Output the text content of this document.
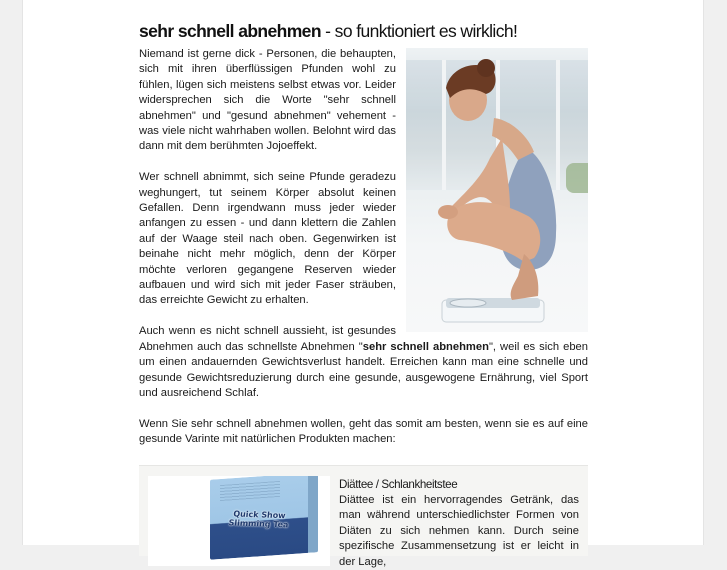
sehr schnell abnehmen - so funktioniert es wirklich!

Niemand ist gerne dick - Personen, die behaupten, sich mit ihren überflüssigen Pfunden wohl zu fühlen, lügen sich meistens selbst etwas vor. Leider widersprechen sich die Worte "sehr schnell abnehmen" und "gesund abnehmen" vehement - was viele nicht wahrhaben wollen. Belohnt wird das dann mit dem berühmten Jojoeffekt.

Wer schnell abnimmt, sich seine Pfunde geradezu weghungert, tut seinem Körper absolut keinen Gefallen. Denn irgendwann muss jeder wieder anfangen zu essen - und dann klettern die Zahlen auf der Waage steil nach oben. Gegenwirken ist beinahe nicht mehr möglich, denn der Körper möchte verloren gegangene Reserven wieder aufbauen und wird sich mit jeder Faser sträuben, das erreichte Gewicht zu erhalten.

Auch wenn es nicht schnell aussieht, ist gesundes Abnehmen auch das schnellste Abnehmen "sehr schnell abnehmen", weil es sich eben um einen andauernden Gewichtsverlust handelt. Erreichen kann man eine schnelle und gesunde Gewichtsreduzierung durch eine gesunde, ausgewogene Ernährung, viel Sport und ausreichend Schlaf.

Wenn Sie sehr schnell abnehmen wollen, geht das somit am besten, wenn sie es auf eine gesunde Varinte mit natürlichen Produkten machen:

Quick Show
Slimming Tea
Diättee / Schlankheitstee
Diättee ist ein hervorragendes Getränk, das man während unterschiedlichster Formen von Diäten zu sich nehmen kann. Durch seine spezifische Zusammensetzung ist er leicht in der Lage,
